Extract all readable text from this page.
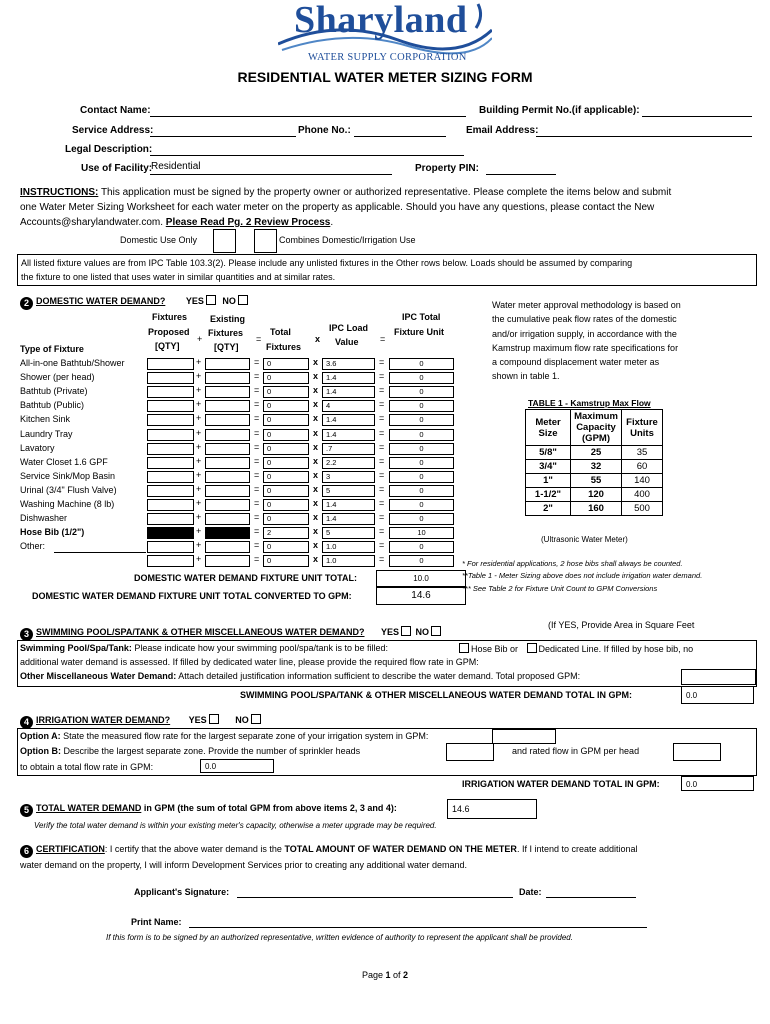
Sharyland
WATER SUPPLY CORPORATION
RESIDENTIAL WATER METER SIZING FORM
Contact Name:	Building Permit No.(if applicable):
Service Address:	Phone No.:	Email Address:
Legal Description:
Use of Facility:
Residential	Property PIN:
INSTRUCTIONS: This application must be signed by the property owner or authorized representative. Please complete the items below and submit
one Water Meter Sizing Worksheet for each water meter on the property as applicable. Should you have any questions, please contact the New
Accounts@sharylandwater.com. Please Read Pg. 2 Review Process.
Domestic Use Only	Combines Domestic/Irrigation Use
All listed fixture values are from IPC Table 103.3(2). Please include any unlisted fixtures in the Other rows below. Loads should be assumed by comparing
the fixture to one listed that uses water in similar quantities and at similar rates.
2 DOMESTIC WATER DEMAND? YES NO
Fixtures
Proposed
[QTY]
+
Existing
Fixtures
[QTY]
=
Total
Fixtures
x
IPC Load
Value =
IPC Total
Fixture Unit
Type of Fixture
All-in-one Bathtub/Shower	+	=	0	x	3.6	=	0
Shower (per head)	+	=	0	x	1.4	=	0
Bathtub (Private)	+	=	0	x	1.4	=	0
Bathtub (Public)	+	=	0	x	4	=	0
Kitchen Sink	+	=	0	x	1.4	=	0
Laundry Tray	+	=	0	x	1.4	=	0
Lavatory	+	=	0	x	.7	=	0
Water Closet 1.6 GPF	+	=	0	x	2.2	=	0
Service Sink/Mop Basin	+	=	0	x	3	=	0
Urinal (3/4" Flush Valve)	+	=	0	x	5	=	0
Washing Machine (8 lb)	+	=	0	x	1.4	=	0
Dishwasher	+	=	0	x	1.4	=	0
Hose Bib (1/2")	+	=	2	x	5	=	10
Other:	+	=	0	x	1.0	=	0
+	=	0	x	1.0	=	0
DOMESTIC WATER DEMAND FIXTURE UNIT TOTAL:	10.0
DOMESTIC WATER DEMAND FIXTURE UNIT TOTAL CONVERTED TO GPM:	14.6
Water meter approval methodology is based on
the cumulative peak flow rates of the domestic
and/or irrigation supply, in accordance with the
Kamstrup maximum flow rate specifications for
a compound displacement water meter as
shown in table 1.
TABLE 1 - Kamstrup Max Flow
Meter
Size	Maximum
Capacity
(GPM)	Fixture
Units
5/8"	25	35
3/4"	32	60
1"	55	140
1-1/2"	120	400
2"	160	500
(Ultrasonic Water Meter)
* For residential applications, 2 hose bibs shall always be counted.
**Table 1 - Meter Sizing above does not include irrigation water demand.
*** See Table 2 for Fixture Unit Count to GPM Conversions
3 SWIMMING POOL/SPA/TANK & OTHER MISCELLANEOUS WATER DEMAND? YES NO
(If YES, Provide Area in Square Feet
Swimming Pool/Spa/Tank: Please indicate how your swimming pool/spa/tank is to be filled:	Hose Bib or Dedicated Line. If filled by hose bib, no
additional water demand is assessed. If filled by dedicated water line, please provide the required flow rate in GPM:
Other Miscellaneous Water Demand: Attach detailed justification information sufficient to describe the water demand. Total proposed GPM:
SWIMMING POOL/SPA/TANK & OTHER MISCELLANEOUS WATER DEMAND TOTAL IN GPM:	0.0
4 IRRIGATION WATER DEMAND? YES	NO
Option A: State the measured flow rate for the largest separate zone of your irrigation system in GPM:
Option B: Describe the largest separate zone. Provide the number of sprinkler heads	and rated flow in GPM per head
to obtain a total flow rate in GPM:	0.0
IRRIGATION WATER DEMAND TOTAL IN GPM:	0.0
5 TOTAL WATER DEMAND in GPM (the sum of total GPM from above items 2, 3 and 4):	14.6
Verify the total water demand is within your existing meter's capacity, otherwise a meter upgrade may be required.
6 CERTIFICATION: I certify that the above water demand is the TOTAL AMOUNT OF WATER DEMAND ON THE METER. If I intend to create additional
water demand on the property, I will inform Development Services prior to creating any additional water demand.
Applicant's Signature:	Date:
Print Name:
If this form is to be signed by an authorized representative, written evidence of authority to represent the applicant shall be provided.
Page 1 of 2
